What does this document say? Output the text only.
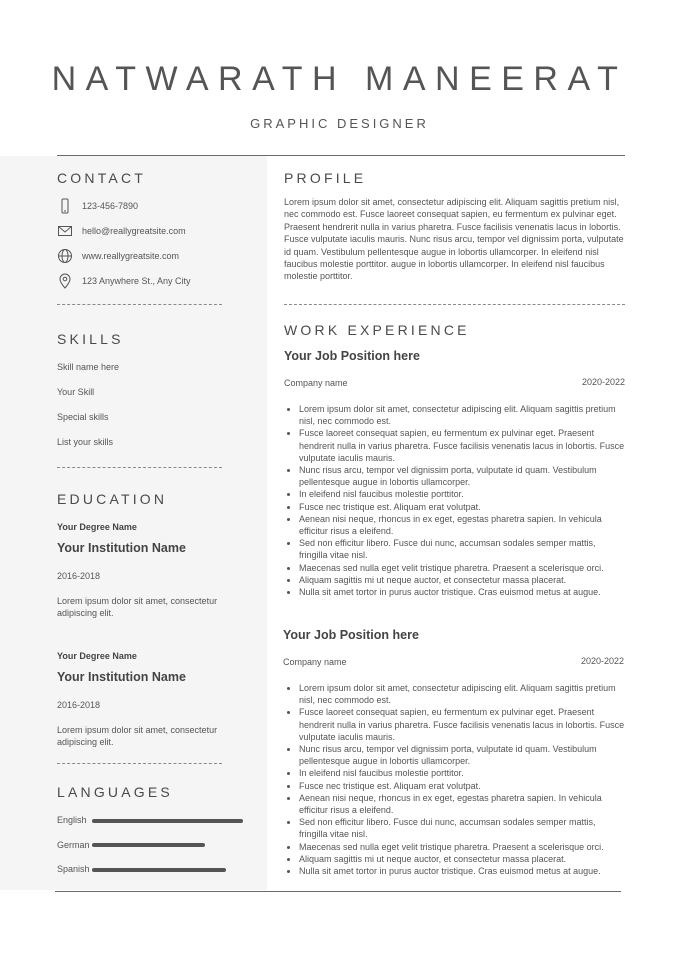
NATWARATH MANEERAT
GRAPHIC DESIGNER
CONTACT
123-456-7890
hello@reallygreatsite.com
www.reallygreatsite.com
123 Anywhere St., Any City
SKILLS
Skill name here
Your Skill
Special skills
List your skills
EDUCATION
Your Degree Name
Your Institution Name
2016-2018
Lorem ipsum dolor sit amet, consectetur adipiscing elit.
Your Degree Name
Your Institution Name
2016-2018
Lorem ipsum dolor sit amet, consectetur adipiscing elit.
LANGUAGES
English
German
Spanish
PROFILE
Lorem ipsum dolor sit amet, consectetur adipiscing elit. Aliquam sagittis pretium nisl, nec commodo est. Fusce laoreet consequat sapien, eu fermentum ex pulvinar eget. Praesent hendrerit nulla in varius pharetra. Fusce facilisis venenatis lacus in lobortis. Fusce vulputate iaculis mauris. Nunc risus arcu, tempor vel dignissim porta, vulputate id quam. Vestibulum pellentesque augue in lobortis ullamcorper. In eleifend nisl faucibus molestie porttitor. augue in lobortis ullamcorper. In eleifend nisl faucibus molestie porttitor.
WORK EXPERIENCE
Your Job Position here
Company name	2020-2022
• Lorem ipsum dolor sit amet, consectetur adipiscing elit. Aliquam sagittis pretium nisl, nec commodo est.
• Fusce laoreet consequat sapien, eu fermentum ex pulvinar eget. Praesent hendrerit nulla in varius pharetra. Fusce facilisis venenatis lacus in lobortis. Fusce vulputate iaculis mauris.
• Nunc risus arcu, tempor vel dignissim porta, vulputate id quam. Vestibulum pellentesque augue in lobortis ullamcorper.
• In eleifend nisl faucibus molestie porttitor.
• Fusce nec tristique est. Aliquam erat volutpat.
• Aenean nisi neque, rhoncus in ex eget, egestas pharetra sapien. In vehicula efficitur risus a eleifend.
• Sed non efficitur libero. Fusce dui nunc, accumsan sodales semper mattis, fringilla vitae nisl.
• Maecenas sed nulla eget velit tristique pharetra. Praesent a scelerisque orci.
• Aliquam sagittis mi ut neque auctor, et consectetur massa placerat.
• Nulla sit amet tortor in purus auctor tristique. Cras euismod metus at augue.
Your Job Position here
Company name	2020-2022
• Lorem ipsum dolor sit amet, consectetur adipiscing elit. Aliquam sagittis pretium nisl, nec commodo est.
• Fusce laoreet consequat sapien, eu fermentum ex pulvinar eget. Praesent hendrerit nulla in varius pharetra. Fusce facilisis venenatis lacus in lobortis. Fusce vulputate iaculis mauris.
• Nunc risus arcu, tempor vel dignissim porta, vulputate id quam. Vestibulum pellentesque augue in lobortis ullamcorper.
• In eleifend nisl faucibus molestie porttitor.
• Fusce nec tristique est. Aliquam erat volutpat.
• Aenean nisi neque, rhoncus in ex eget, egestas pharetra sapien. In vehicula efficitur risus a eleifend.
• Sed non efficitur libero. Fusce dui nunc, accumsan sodales semper mattis, fringilla vitae nisl.
• Maecenas sed nulla eget velit tristique pharetra. Praesent a scelerisque orci.
• Aliquam sagittis mi ut neque auctor, et consectetur massa placerat.
• Nulla sit amet tortor in purus auctor tristique. Cras euismod metus at augue.
